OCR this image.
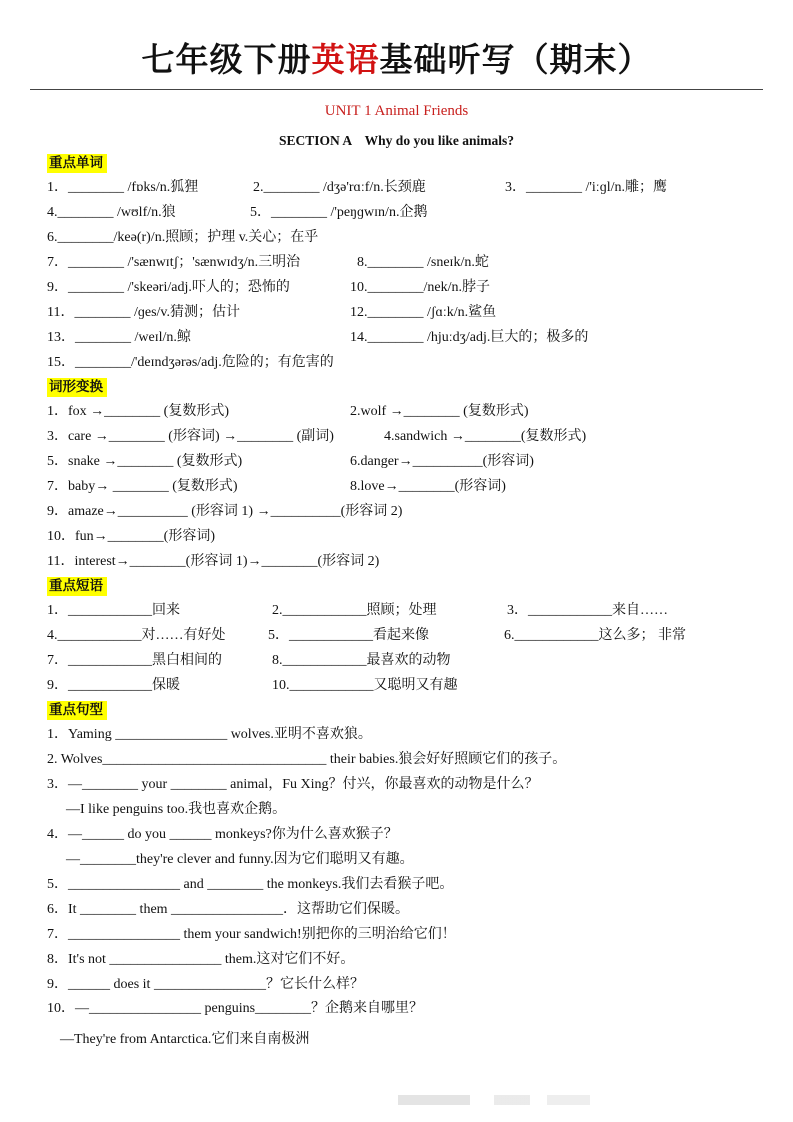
七年级下册英语基础听写（期末）
UNIT 1 Animal Friends
SECTION A    Why do you like animals?
重点单词
1．________ /fɒks/n.狐狸	2.________ /dʒə'rɑːf/n.长颈鹿	3．________ /'iːɡl/n.雕；鹰
4.________ /wʊlf/n.狼	5．________ /'peŋɡwɪn/n.企鹅
6.________/keə(r)/n.照顾；护理 v.关心；在乎
7．________ /'sænwɪtʃ；'sænwɪdʒ/n.三明治	8.________ /sneɪk/n.蛇
9．________ /'skeəri/adj.吓人的；恐怖的	10.________/nek/n.脖子
11．________ /ɡes/v.猜测；估计	12.________ /ʃɑːk/n.鲨鱼
13．________ /weɪl/n.鲸	14.________ /hjuːdʒ/adj.巨大的；极多的
15．________/'deɪndʒərəs/adj.危险的；有危害的
词形变换
1．fox →________ (复数形式)	2.wolf →________ (复数形式)
3．care →________ (形容词) →________ (副词)	4.sandwich →________(复数形式)
5．snake →________ (复数形式)	6.danger→__________(形容词)
7．baby→ ________ (复数形式)	8.love→________(形容词)
9．amaze→__________ (形容词 1) →__________(形容词 2)
10．fun→________(形容词)
11．interest→________(形容词 1)→________(形容词 2)
重点短语
1．____________回来	2.____________照顾；处理	3．____________来自……
4.____________对……有好处	5．____________看起来像	6.____________这么多； 非常
7．____________黑白相间的	8.____________最喜欢的动物
9．____________保暖	10.____________又聪明又有趣
重点句型
1．Yaming ________________ wolves.亚明不喜欢狼。
2. Wolves________________________________ their babies.狼会好好照顾它们的孩子。
3．—________ your ________ animal，Fu Xing？付兴，你最喜欢的动物是什么？
—I like penguins too.我也喜欢企鹅。
4．—______ do you ______ monkeys?你为什么喜欢猴子？
—________they're clever and funny.因为它们聪明又有趣。
5．________________ and ________ the monkeys.我们去看猴子吧。
6．It ________ them ________________．这帮助它们保暖。
7．________________ them your sandwich!别把你的三明治给它们！
8．It's not ________________ them.这对它们不好。
9．______ does it ________________？它长什么样？
10．—________________ penguins________？企鹅来自哪里？
—They're from Antarctica.它们来自南极洲
